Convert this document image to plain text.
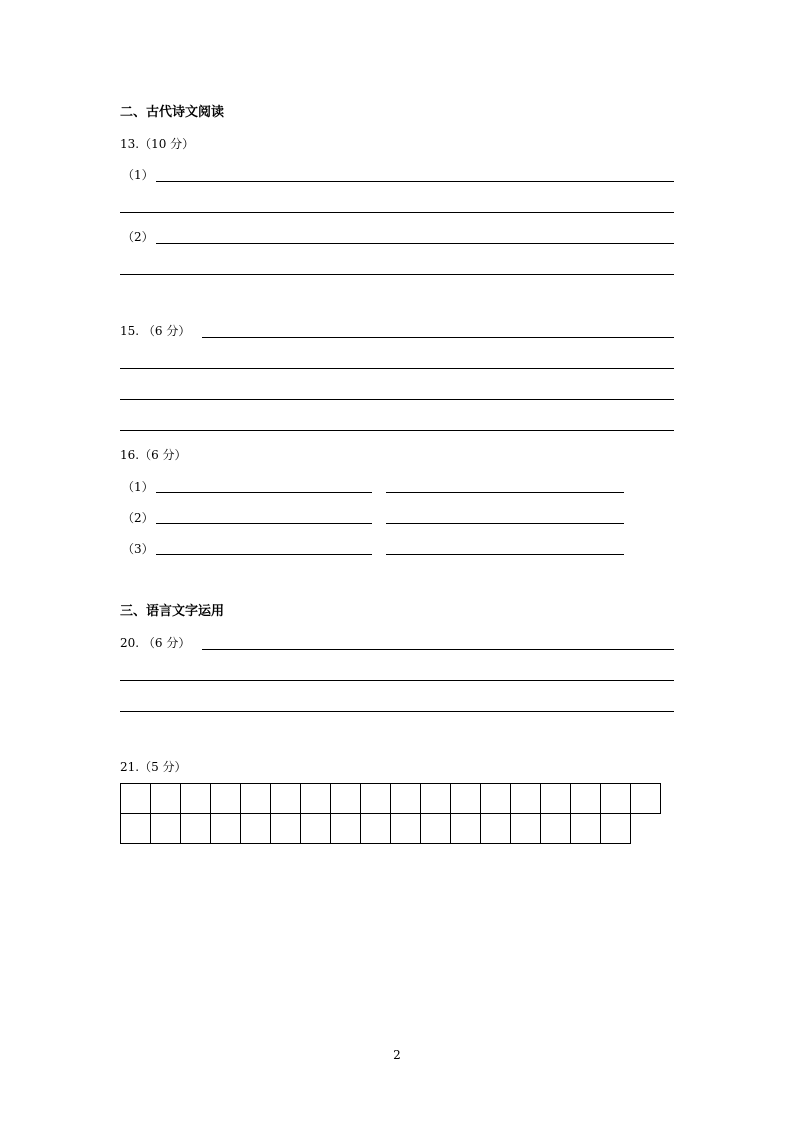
二、古代诗文阅读
13.（10 分）
（1）
（2）
15. （6 分）
16.（6 分）
（1）
（2）
（3）
三、语言文字运用
20. （6 分）
21.（5 分）
2
